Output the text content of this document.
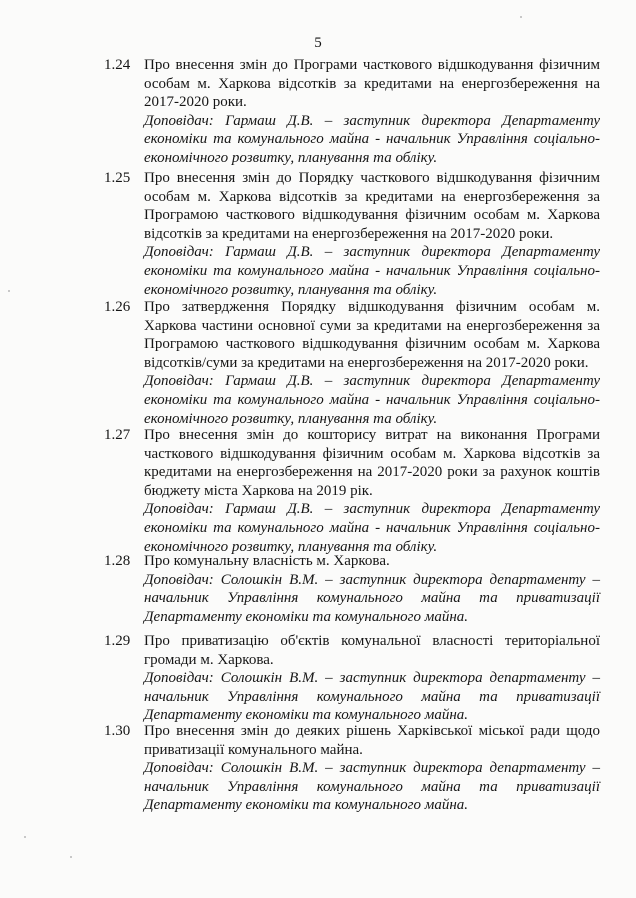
5
1.24 Про внесення змін до Програми часткового відшкодування фізичним особам м. Харкова відсотків за кредитами на енергозбереження на 2017-2020 роки.
Доповідач: Гармаш Д.В. – заступник директора Департаменту економіки та комунального майна - начальник Управління соціально-економічного розвитку, планування та обліку.
1.25 Про внесення змін до Порядку часткового відшкодування фізичним особам м. Харкова відсотків за кредитами на енергозбереження за Програмою часткового відшкодування фізичним особам м. Харкова відсотків за кредитами на енергозбереження на 2017-2020 роки.
Доповідач: Гармаш Д.В. – заступник директора Департаменту економіки та комунального майна - начальник Управління соціально-економічного розвитку, планування та обліку.
1.26 Про затвердження Порядку відшкодування фізичним особам м. Харкова частини основної суми за кредитами на енергозбереження за Програмою часткового відшкодування фізичним особам м. Харкова відсотків/суми за кредитами на енергозбереження на 2017-2020 роки.
Доповідач: Гармаш Д.В. – заступник директора Департаменту економіки та комунального майна - начальник Управління соціально-економічного розвитку, планування та обліку.
1.27 Про внесення змін до кошторису витрат на виконання Програми часткового відшкодування фізичним особам м. Харкова відсотків за кредитами на енергозбереження на 2017-2020 роки за рахунок коштів бюджету міста Харкова на 2019 рік.
Доповідач: Гармаш Д.В. – заступник директора Департаменту економіки та комунального майна - начальник Управління соціально-економічного розвитку, планування та обліку.
1.28 Про комунальну власність м. Харкова.
Доповідач: Солошкін В.М. – заступник директора департаменту – начальник Управління комунального майна та приватизації Департаменту економіки та комунального майна.
1.29 Про приватизацію об'єктів комунальної власності територіальної громади м. Харкова.
Доповідач: Солошкін В.М. – заступник директора департаменту – начальник Управління комунального майна та приватизації Департаменту економіки та комунального майна.
1.30 Про внесення змін до деяких рішень Харківської міської ради щодо приватизації комунального майна.
Доповідач: Солошкін В.М. – заступник директора департаменту – начальник Управління комунального майна та приватизації Департаменту економіки та комунального майна.
